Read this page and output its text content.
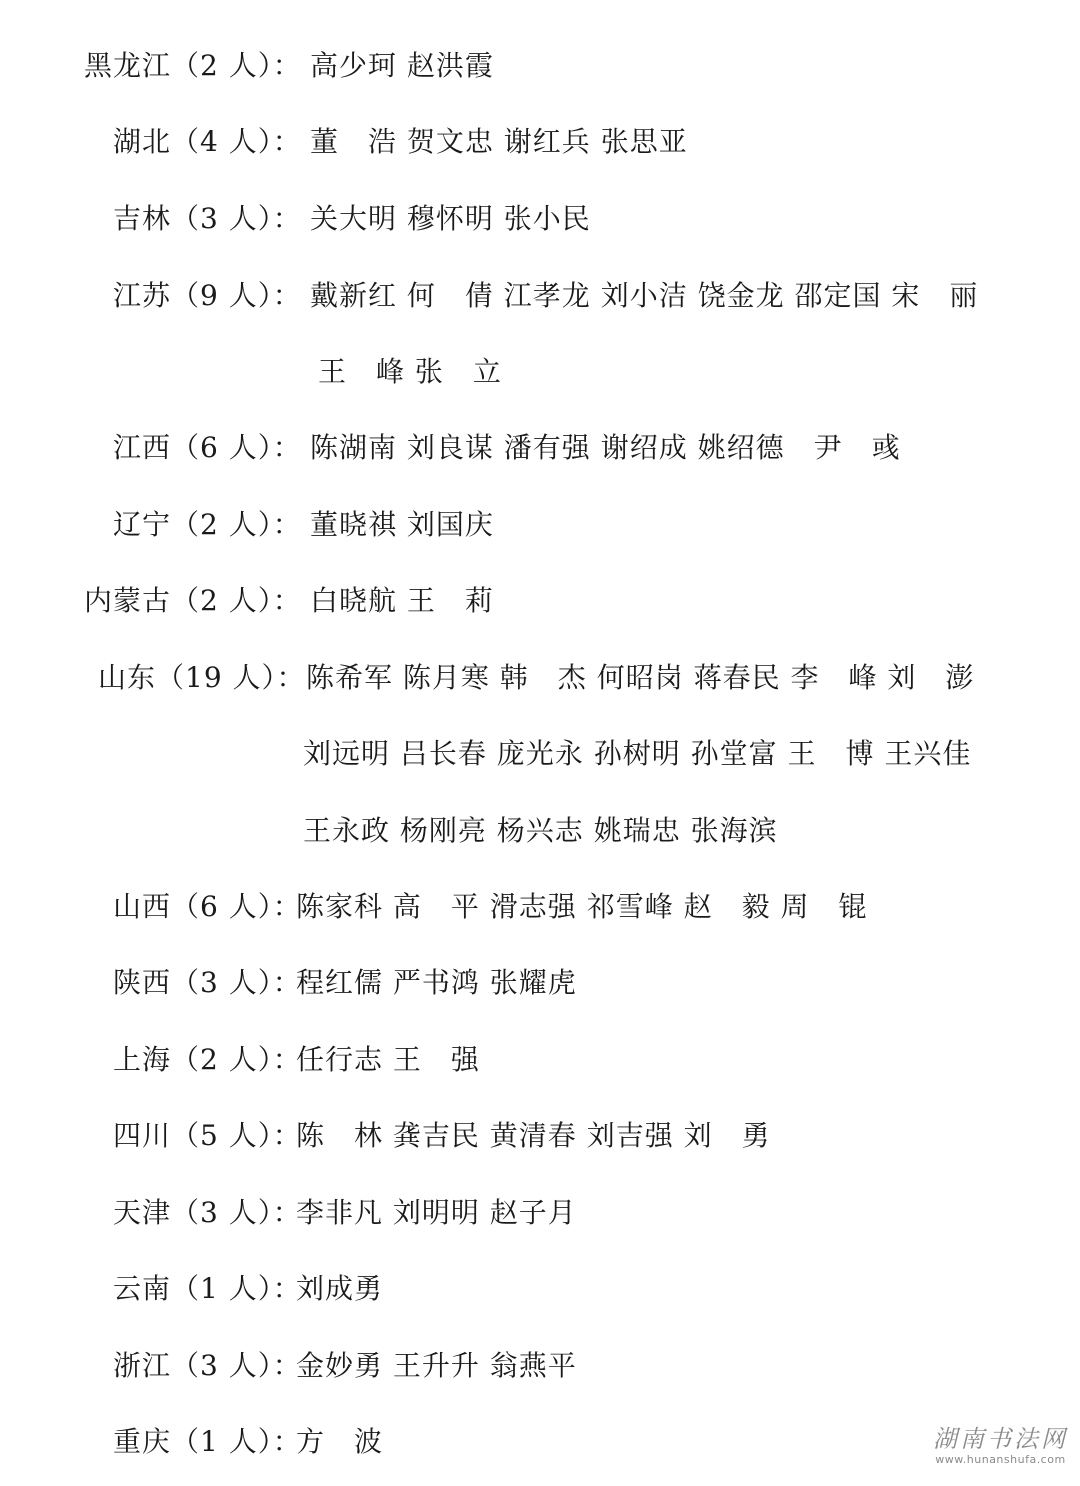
黑龙江（2 人）： 高少珂 赵洪霞
湖北（4 人）： 董　浩 贺文忠 谢红兵 张思亚
吉林（3 人）： 关大明 穆怀明 张小民
江苏（9 人）： 戴新红 何　倩 江孝龙 刘小洁 饶金龙 邵定国 宋　丽
王　峰 张　立
江西（6 人）： 陈湖南 刘良谋 潘有强 谢绍成 姚绍德　尹　彧
辽宁（2 人）： 董晓祺 刘国庆
内蒙古（2 人）： 白晓航 王　莉
山东（19 人）： 陈希军 陈月寒 韩　杰 何昭岗 蒋春民 李　峰 刘　澎
刘远明 吕长春 庞光永 孙树明 孙堂富 王　博 王兴佳
王永政 杨刚亮 杨兴志 姚瑞忠 张海滨
山西（6 人）：
陈家科 高　平 滑志强 祁雪峰 赵　毅 周　锟
陕西（3 人）：
程红儒 严书鸿 张耀虎
上海（2 人）：
任行志 王　强
四川（5 人）：
陈　林 龚吉民 黄清春 刘吉强 刘　勇
天津（3 人）：
李非凡 刘明明 赵子月
云南（1 人）：
刘成勇
浙江（3 人）：
金妙勇 王升升 翁燕平
重庆（1 人）：
方　波	湖南书法网
www.hunanshufa.com
